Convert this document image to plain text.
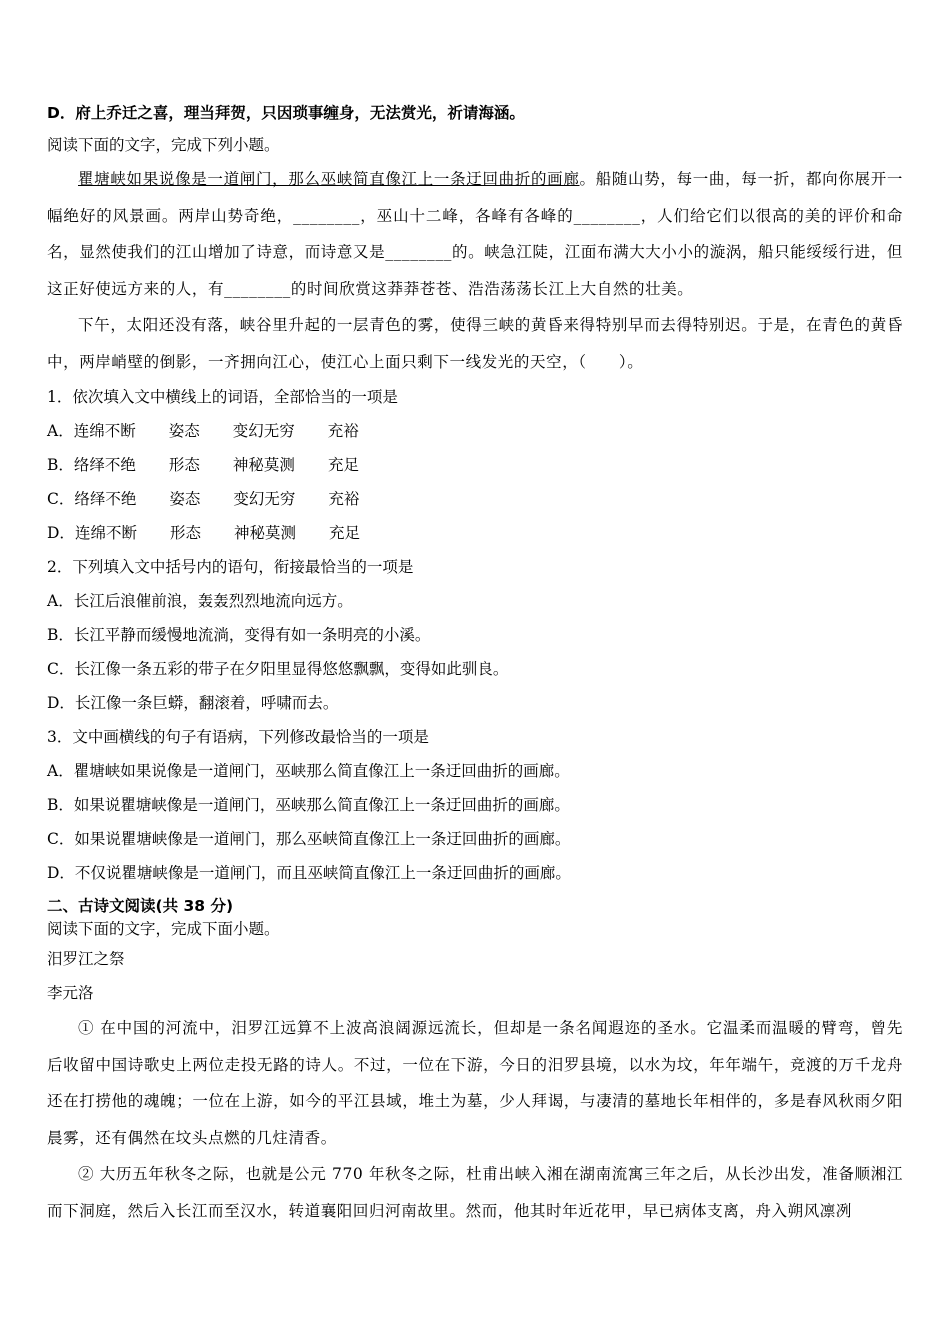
D．府上乔迁之喜，理当拜贺，只因琐事缠身，无法赏光，祈请海涵。
阅读下面的文字，完成下列小题。
瞿塘峡如果说像是一道闸门，那么巫峡简直像江上一条迂回曲折的画廊。船随山势，每一曲，每一折，都向你展开一幅绝好的风景画。两岸山势奇绝，________，巫山十二峰，各峰有各峰的________，人们给它们以很高的美的评价和命名，显然使我们的江山增加了诗意，而诗意又是________的。峡急江陡，江面布满大大小小的漩涡，船只能绥绥行进，但这正好使远方来的人，有________的时间欣赏这莽莽苍苍、浩浩荡荡长江上大自然的壮美。
下午，太阳还没有落，峡谷里升起的一层青色的雾，使得三峡的黄昏来得特别早而去得特别迟。于是，在青色的黄昏中，两岸峭壁的倒影，一齐拥向江心，使江心上面只剩下一线发光的天空，（　　）。
1．依次填入文中横线上的词语，全部恰当的一项是
A．连绵不断 姿态 变幻无穷 充裕
B．络绎不绝 形态 神秘莫测 充足
C．络绎不绝 姿态 变幻无穷 充裕
D．连绵不断 形态 神秘莫测 充足
2．下列填入文中括号内的语句，衔接最恰当的一项是
A．长江后浪催前浪，轰轰烈烈地流向远方。
B．长江平静而缓慢地流淌，变得有如一条明亮的小溪。
C．长江像一条五彩的带子在夕阳里显得悠悠飘飘，变得如此驯良。
D．长江像一条巨蟒，翻滚着，呼啸而去。
3．文中画横线的句子有语病，下列修改最恰当的一项是
A．瞿塘峡如果说像是一道闸门，巫峡那么简直像江上一条迂回曲折的画廊。
B．如果说瞿塘峡像是一道闸门，巫峡那么简直像江上一条迂回曲折的画廊。
C．如果说瞿塘峡像是一道闸门，那么巫峡简直像江上一条迂回曲折的画廊。
D．不仅说瞿塘峡像是一道闸门，而且巫峡简直像江上一条迂回曲折的画廊。
二、古诗文阅读(共 38 分)
阅读下面的文字，完成下面小题。
汨罗江之祭
李元洛
① 在中国的河流中，汨罗江远算不上波高浪阔源远流长，但却是一条名闻遐迩的圣水。它温柔而温暖的臂弯，曾先后收留中国诗歌史上两位走投无路的诗人。不过，一位在下游，今日的汨罗县境，以水为坟，年年端午，竞渡的万千龙舟还在打捞他的魂魄；一位在上游，如今的平江县域，堆土为墓，少人拜谒，与凄清的墓地长年相伴的，多是春风秋雨夕阳晨雾，还有偶然在坟头点燃的几炷清香。
② 大历五年秋冬之际，也就是公元 770 年秋冬之际，杜甫出峡入湘在湖南流寓三年之后，从长沙出发，准备顺湘江而下洞庭，然后入长江而至汉水，转道襄阳回归河南故里。然而，他其时年近花甲，早已病体支离，舟入朔风凛冽
